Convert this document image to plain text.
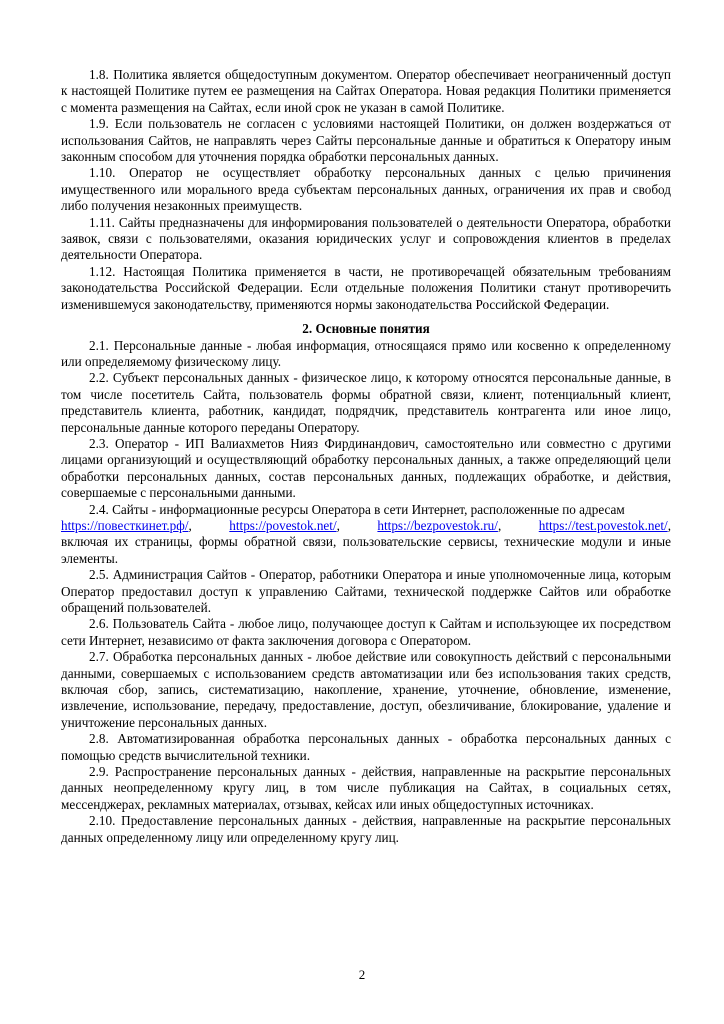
1.8. Политика является общедоступным документом. Оператор обеспечивает неограниченный доступ к настоящей Политике путем ее размещения на Сайтах Оператора. Новая редакция Политики применяется с момента размещения на Сайтах, если иной срок не указан в самой Политике.

1.9. Если пользователь не согласен с условиями настоящей Политики, он должен воздержаться от использования Сайтов, не направлять через Сайты персональные данные и обратиться к Оператору иным законным способом для уточнения порядка обработки персональных данных.

1.10. Оператор не осуществляет обработку персональных данных с целью причинения имущественного или морального вреда субъектам персональных данных, ограничения их прав и свобод либо получения незаконных преимуществ.

1.11. Сайты предназначены для информирования пользователей о деятельности Оператора, обработки заявок, связи с пользователями, оказания юридических услуг и сопровождения клиентов в пределах деятельности Оператора.

1.12. Настоящая Политика применяется в части, не противоречащей обязательным требованиям законодательства Российской Федерации. Если отдельные положения Политики станут противоречить изменившемуся законодательству, применяются нормы законодательства Российской Федерации.

2. Основные понятия

2.1. Персональные данные - любая информация, относящаяся прямо или косвенно к определенному или определяемому физическому лицу.

2.2. Субъект персональных данных - физическое лицо, к которому относятся персональные данные, в том числе посетитель Сайта, пользователь формы обратной связи, клиент, потенциальный клиент, представитель клиента, работник, кандидат, подрядчик, представитель контрагента или иное лицо, персональные данные которого переданы Оператору.

2.3. Оператор - ИП Валиахметов Нияз Фирдинандович, самостоятельно или совместно с другими лицами организующий и осуществляющий обработку персональных данных, а также определяющий цели обработки персональных данных, состав персональных данных, подлежащих обработке, и действия, совершаемые с персональными данными.

2.4. Сайты - информационные ресурсы Оператора в сети Интернет, расположенные по адресам

https://повесткинет.рф/,	https://povestok.net/,	https://bezpovestok.ru/,	https://test.povestok.net/,

включая их страницы, формы обратной связи, пользовательские сервисы, технические модули и иные элементы.

2.5. Администрация Сайтов - Оператор, работники Оператора и иные уполномоченные лица, которым Оператор предоставил доступ к управлению Сайтами, технической поддержке Сайтов или обработке обращений пользователей.

2.6. Пользователь Сайта - любое лицо, получающее доступ к Сайтам и использующее их посредством сети Интернет, независимо от факта заключения договора с Оператором.

2.7. Обработка персональных данных - любое действие или совокупность действий с персональными данными, совершаемых с использованием средств автоматизации или без использования таких средств, включая сбор, запись, систематизацию, накопление, хранение, уточнение, обновление, изменение, извлечение, использование, передачу, предоставление, доступ, обезличивание, блокирование, удаление и уничтожение персональных данных.

2.8. Автоматизированная обработка персональных данных - обработка персональных данных с помощью средств вычислительной техники.

2.9. Распространение персональных данных - действия, направленные на раскрытие персональных данных неопределенному кругу лиц, в том числе публикация на Сайтах, в социальных сетях, мессенджерах, рекламных материалах, отзывах, кейсах или иных общедоступных источниках.

2.10. Предоставление персональных данных - действия, направленные на раскрытие персональных данных определенному лицу или определенному кругу лиц.

2
